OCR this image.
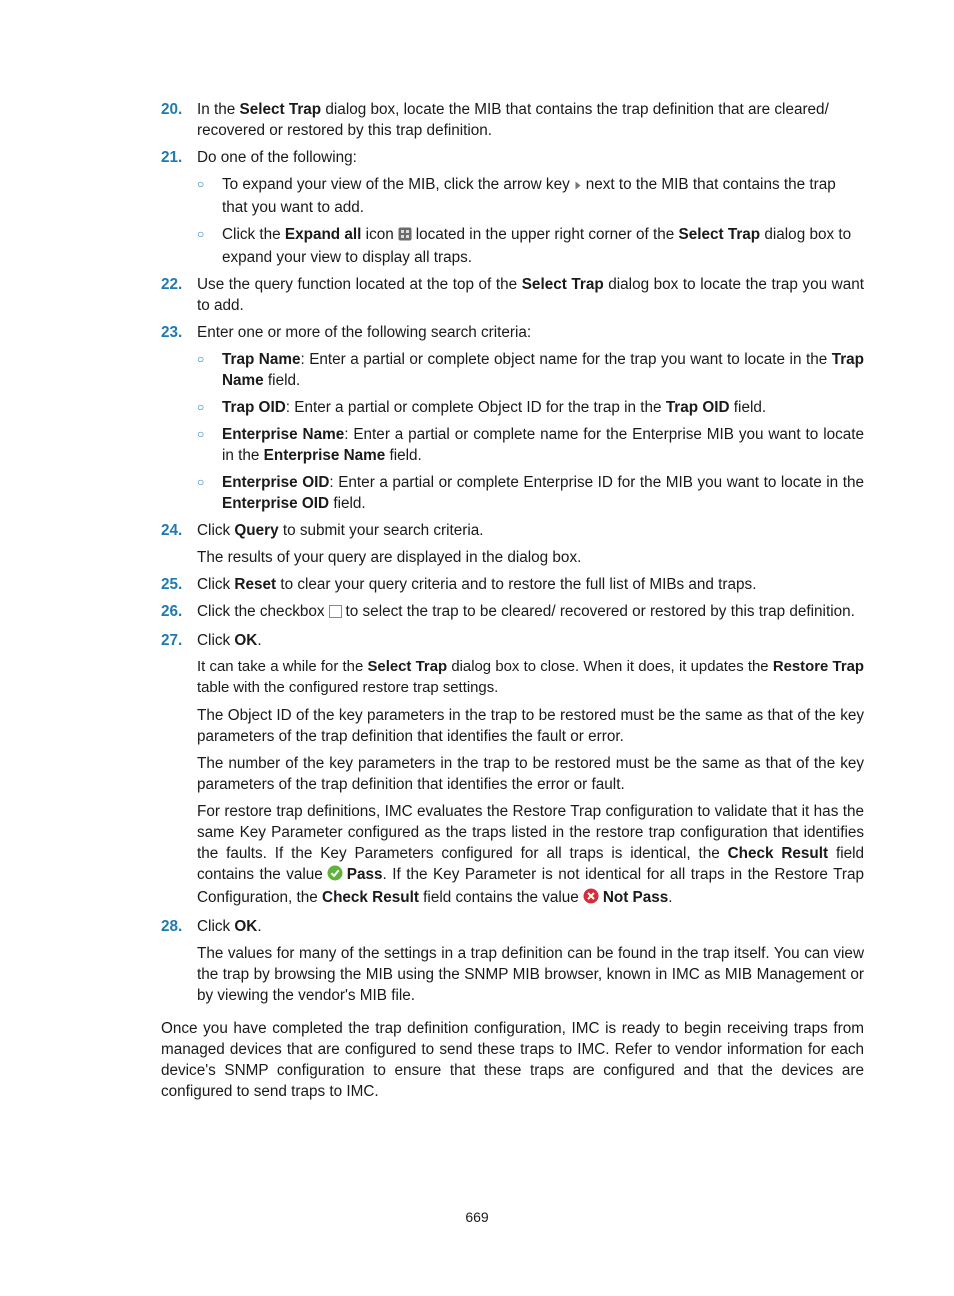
20. In the Select Trap dialog box, locate the MIB that contains the trap definition that are cleared/ recovered or restored by this trap definition.
21. Do one of the following:
○ To expand your view of the MIB, click the arrow key next to the MIB that contains the trap that you want to add.
○ Click the Expand all icon located in the upper right corner of the Select Trap dialog box to expand your view to display all traps.
22. Use the query function located at the top of the Select Trap dialog box to locate the trap you want to add.
23. Enter one or more of the following search criteria:
○ Trap Name: Enter a partial or complete object name for the trap you want to locate in the Trap Name field.
○ Trap OID: Enter a partial or complete Object ID for the trap in the Trap OID field.
○ Enterprise Name: Enter a partial or complete name for the Enterprise MIB you want to locate in the Enterprise Name field.
○ Enterprise OID: Enter a partial or complete Enterprise ID for the MIB you want to locate in the Enterprise OID field.
24. Click Query to submit your search criteria.
The results of your query are displayed in the dialog box.
25. Click Reset to clear your query criteria and to restore the full list of MIBs and traps.
26. Click the checkbox to select the trap to be cleared/ recovered or restored by this trap definition.
27. Click OK.
It can take a while for the Select Trap dialog box to close. When it does, it updates the Restore Trap table with the configured restore trap settings.
The Object ID of the key parameters in the trap to be restored must be the same as that of the key parameters of the trap definition that identifies the fault or error.
The number of the key parameters in the trap to be restored must be the same as that of the key parameters of the trap definition that identifies the error or fault.
For restore trap definitions, IMC evaluates the Restore Trap configuration to validate that it has the same Key Parameter configured as the traps listed in the restore trap configuration that identifies the faults. If the Key Parameters configured for all traps is identical, the Check Result field contains the value Pass. If the Key Parameter is not identical for all traps in the Restore Trap Configuration, the Check Result field contains the value Not Pass.
28. Click OK.
The values for many of the settings in a trap definition can be found in the trap itself. You can view the trap by browsing the MIB using the SNMP MIB browser, known in IMC as MIB Management or by viewing the vendor's MIB file.
Once you have completed the trap definition configuration, IMC is ready to begin receiving traps from managed devices that are configured to send these traps to IMC. Refer to vendor information for each device's SNMP configuration to ensure that these traps are configured and that the devices are configured to send traps to IMC.
669
